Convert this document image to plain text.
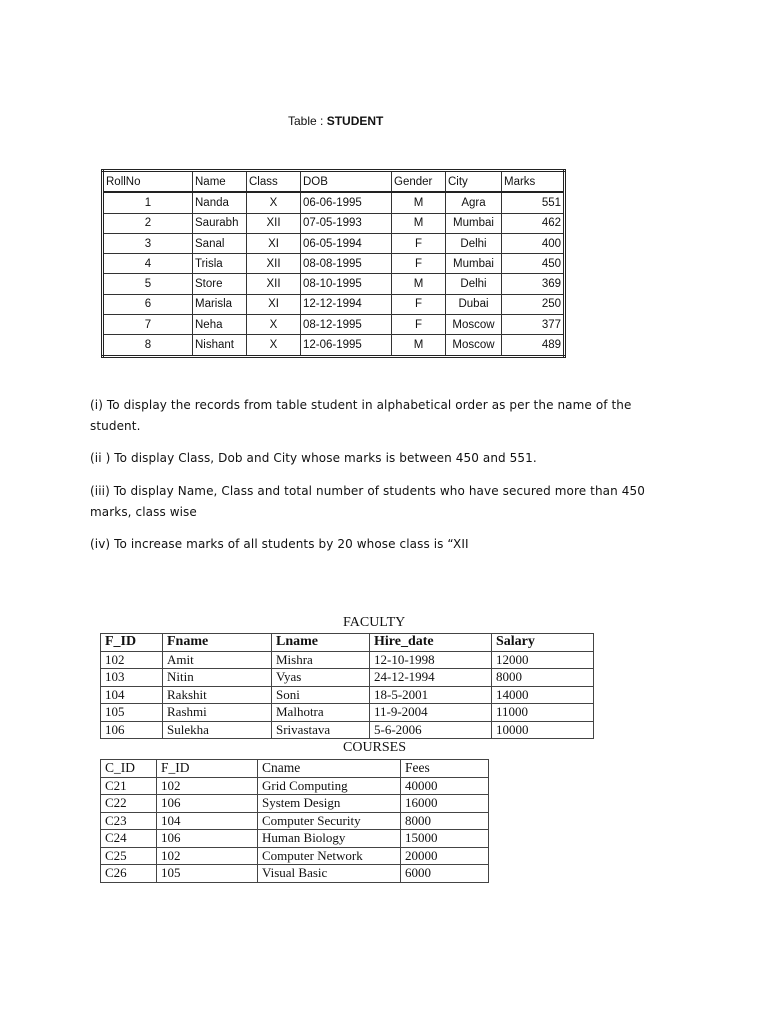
Table : STUDENT
RollNo	Name	Class	DOB	Gender	City	Marks
1	Nanda	X	06-06-1995	M	Agra	551
2	Saurabh	XII	07-05-1993	M	Mumbai	462
3	Sanal	XI	06-05-1994	F	Delhi	400
4	Trisla	XII	08-08-1995	F	Mumbai	450
5	Store	XII	08-10-1995	M	Delhi	369
6	Marisla	XI	12-12-1994	F	Dubai	250
7	Neha	X	08-12-1995	F	Moscow	377
8	Nishant	X	12-06-1995	M	Moscow	489
(i) To display the records from table student in alphabetical order as per the name of the student.
(ii ) To display Class, Dob and City whose marks is between 450 and 551.
(iii) To display Name, Class and total number of students who have secured more than 450 marks, class wise
(iv) To increase marks of all students by 20 whose class is “XII
FACULTY
F_ID	Fname	Lname	Hire_date	Salary
102	Amit	Mishra	12-10-1998	12000
103	Nitin	Vyas	24-12-1994	8000
104	Rakshit	Soni	18-5-2001	14000
105	Rashmi	Malhotra	11-9-2004	11000
106	Sulekha	Srivastava	5-6-2006	10000
COURSES
C_ID	F_ID	Cname	Fees
C21	102	Grid Computing	40000
C22	106	System Design	16000
C23	104	Computer Security	8000
C24	106	Human Biology	15000
C25	102	Computer Network	20000
C26	105	Visual Basic	6000
